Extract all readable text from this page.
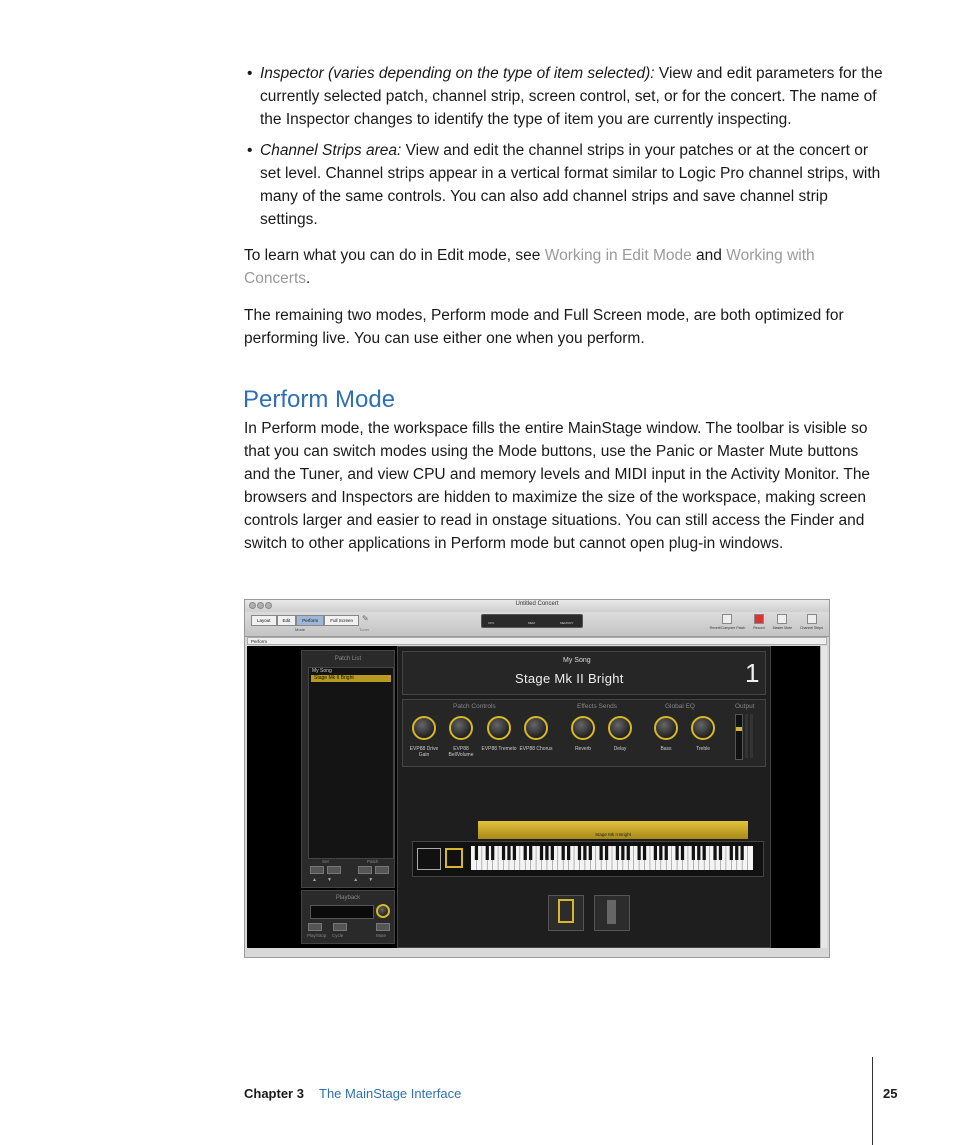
• Inspector (varies depending on the type of item selected): View and edit parameters for the currently selected patch, channel strip, screen control, set, or for the concert. The name of the Inspector changes to identify the type of item you are currently inspecting.
• Channel Strips area: View and edit the channel strips in your patches or at the concert or set level. Channel strips appear in a vertical format similar to Logic Pro channel strips, with many of the same controls. You can also add channel strips and save channel strip settings.

To learn what you can do in Edit mode, see Working in Edit Mode and Working with Concerts.

The remaining two modes, Perform mode and Full Screen mode, are both optimized for performing live. You can use either one when you perform.

Perform Mode

In Perform mode, the workspace fills the entire MainStage window. The toolbar is visible so that you can switch modes using the Mode buttons, use the Panic or Master Mute buttons and the Tuner, and view CPU and memory levels and MIDI input in the Activity Monitor. The browsers and Inspectors are hidden to maximize the size of the workspace, making screen controls larger and easier to read in onstage situations. You can still access the Finder and switch to other applications in Perform mode but cannot open plug-in windows.

Untitled Concert
Layout	Edit	Perform	Full Screen
Mode
✎
Tuner
CPU	MEM	MEMORY
Revert/Compare Patch Record Master Mute Channel Strips
Perform
Patch List
My Song
Stage Mk II Bright
Set	Patch
▲▼ ▲▼
Playback
Play/Stop Cycle	Mute
My Song
Stage Mk II Bright	1
Patch Controls	Effects Sends	Global EQ	Output
EVP88 Drive Gain
EVP88 BellVolume
EVP88 Tremelo EVP88 Chorus	Reverb	Delay	Bass	Treble
Stage Mk II Bright
Chapter 3 The MainStage Interface	25
